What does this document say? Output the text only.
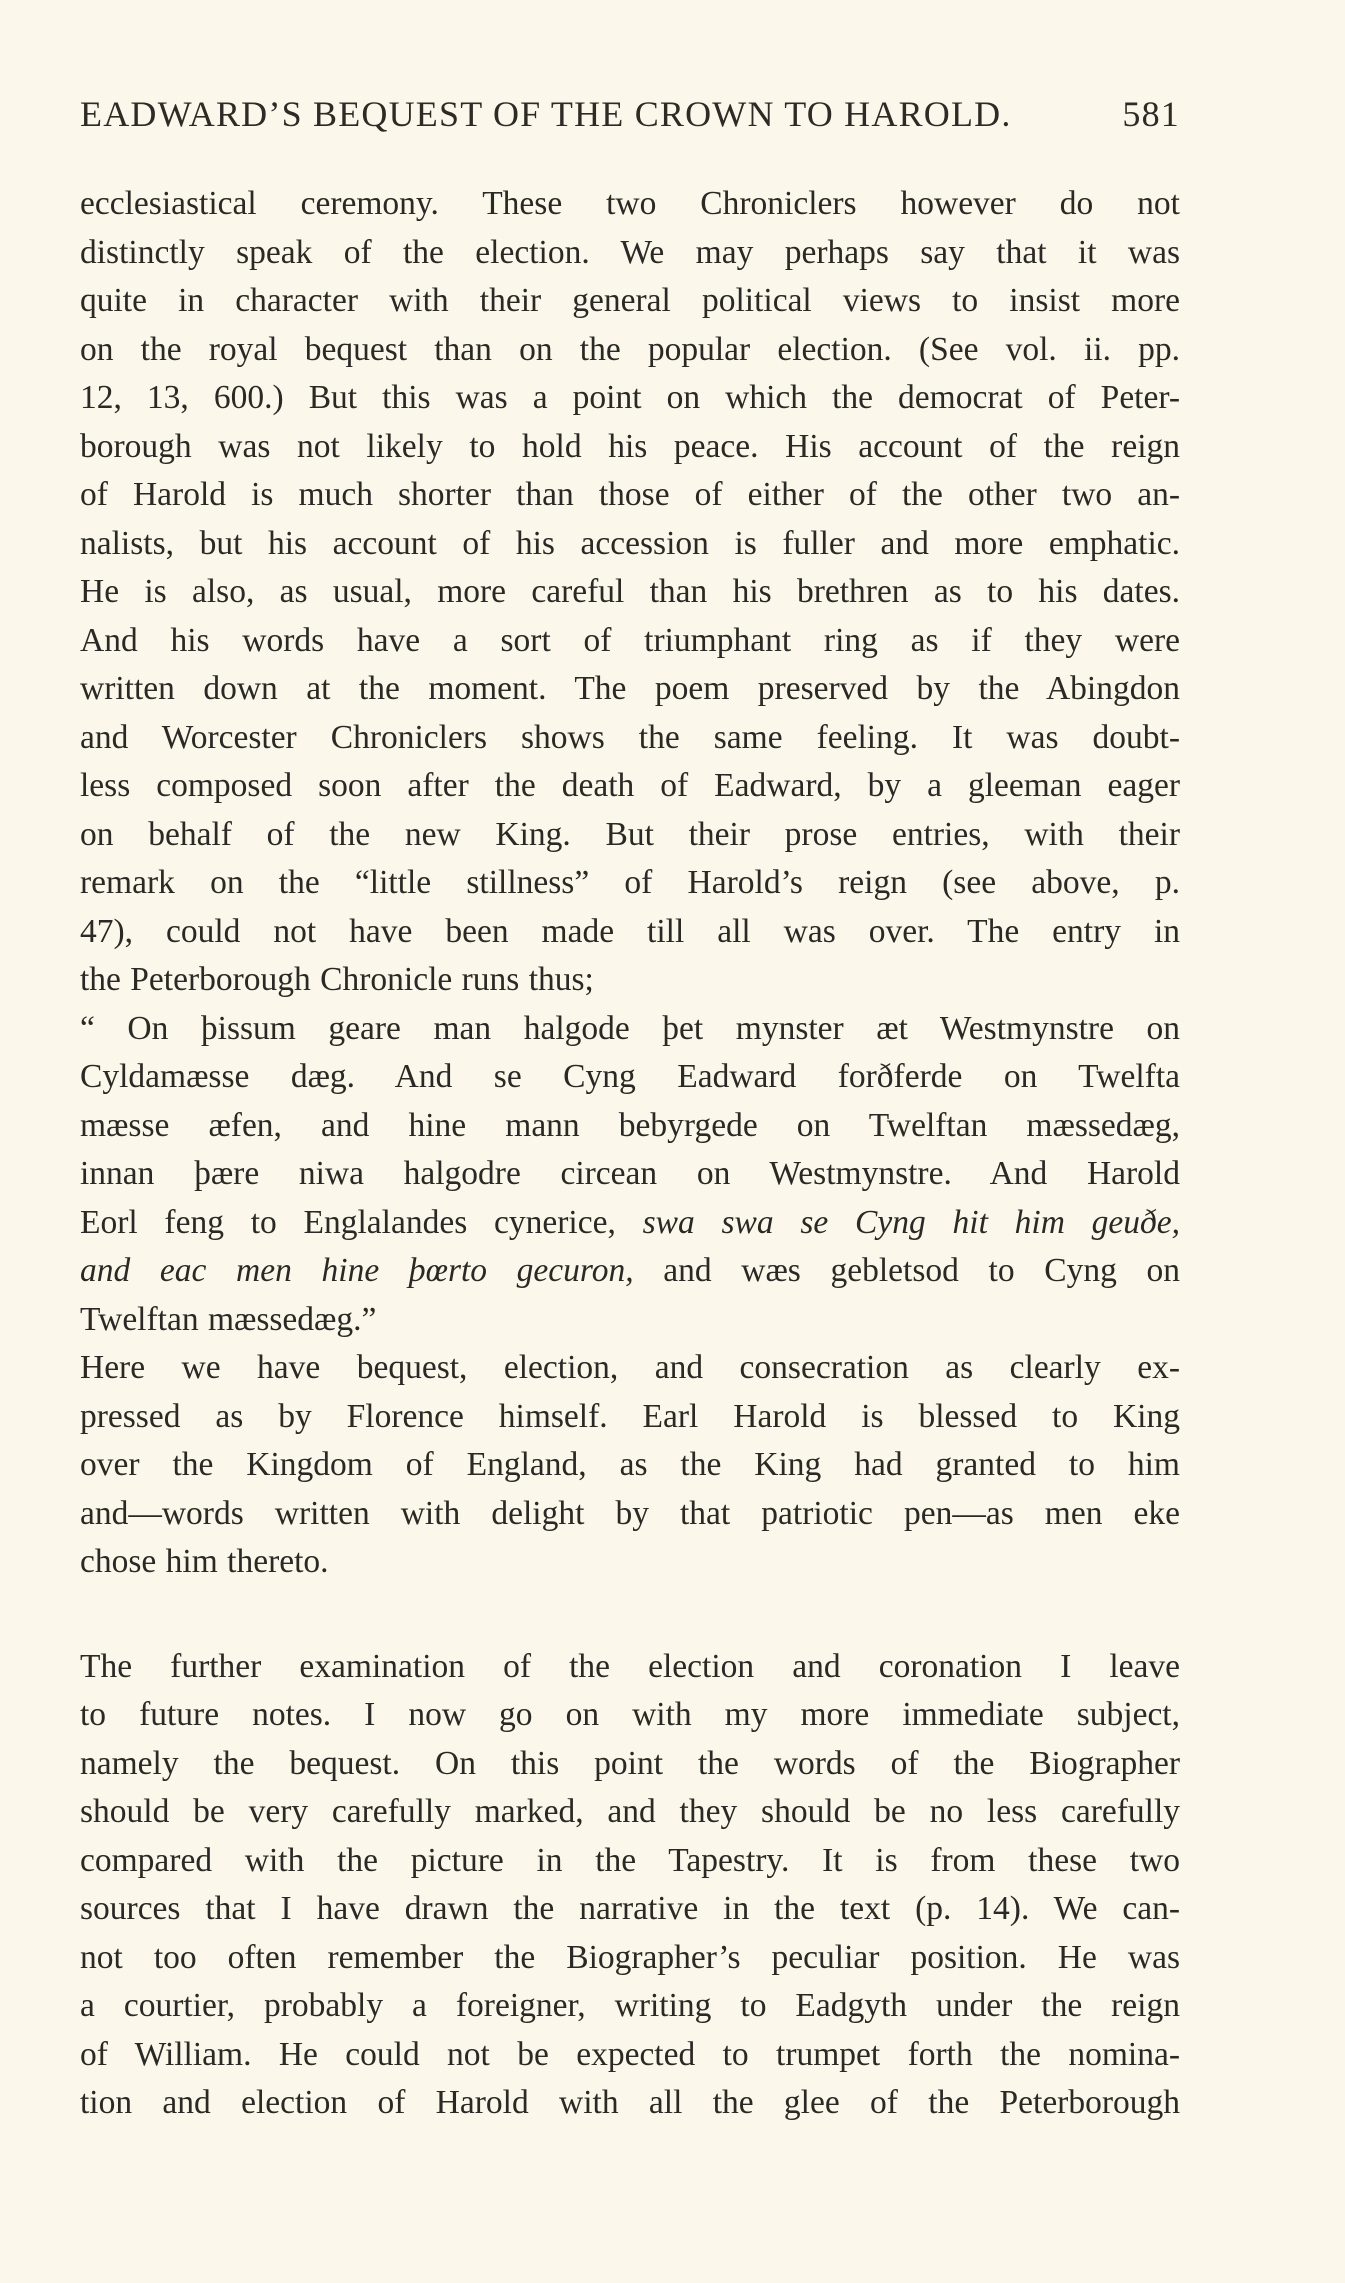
EADWARD’S BEQUEST OF THE CROWN TO HAROLD.	581
ecclesiastical ceremony. These two Chroniclers however do not
distinctly speak of the election. We may perhaps say that it was
quite in character with their general political views to insist more
on the royal bequest than on the popular election. (See vol. ii. pp.
12, 13, 600.) But this was a point on which the democrat of Peter-
borough was not likely to hold his peace. His account of the reign
of Harold is much shorter than those of either of the other two an-
nalists, but his account of his accession is fuller and more emphatic.
He is also, as usual, more careful than his brethren as to his dates.
And his words have a sort of triumphant ring as if they were
written down at the moment. The poem preserved by the Abingdon
and Worcester Chroniclers shows the same feeling. It was doubt-
less composed soon after the death of Eadward, by a gleeman eager
on behalf of the new King. But their prose entries, with their
remark on the “little stillness” of Harold’s reign (see above, p.
47), could not have been made till all was over. The entry in
the Peterborough Chronicle runs thus;
“ On þissum geare man halgode þet mynster æt Westmynstre on
Cyldamæsse dæg. And se Cyng Eadward forðferde on Twelfta
mæsse æfen, and hine mann bebyrgede on Twelftan mæssedæg,
innan þære niwa halgodre circean on Westmynstre. And Harold
Eorl feng to Englalandes cynerice, swa swa se Cyng hit him geuðe,
and eac men hine þœrto gecuron, and wæs gebletsod to Cyng on
Twelftan mæssedæg.”
Here we have bequest, election, and consecration as clearly ex-
pressed as by Florence himself. Earl Harold is blessed to King
over the Kingdom of England, as the King had granted to him
and—words written with delight by that patriotic pen—as men eke
chose him thereto.
The further examination of the election and coronation I leave
to future notes. I now go on with my more immediate subject,
namely the bequest. On this point the words of the Biographer
should be very carefully marked, and they should be no less carefully
compared with the picture in the Tapestry. It is from these two
sources that I have drawn the narrative in the text (p. 14). We can-
not too often remember the Biographer’s peculiar position. He was
a courtier, probably a foreigner, writing to Eadgyth under the reign
of William. He could not be expected to trumpet forth the nomina-
tion and election of Harold with all the glee of the Peterborough
